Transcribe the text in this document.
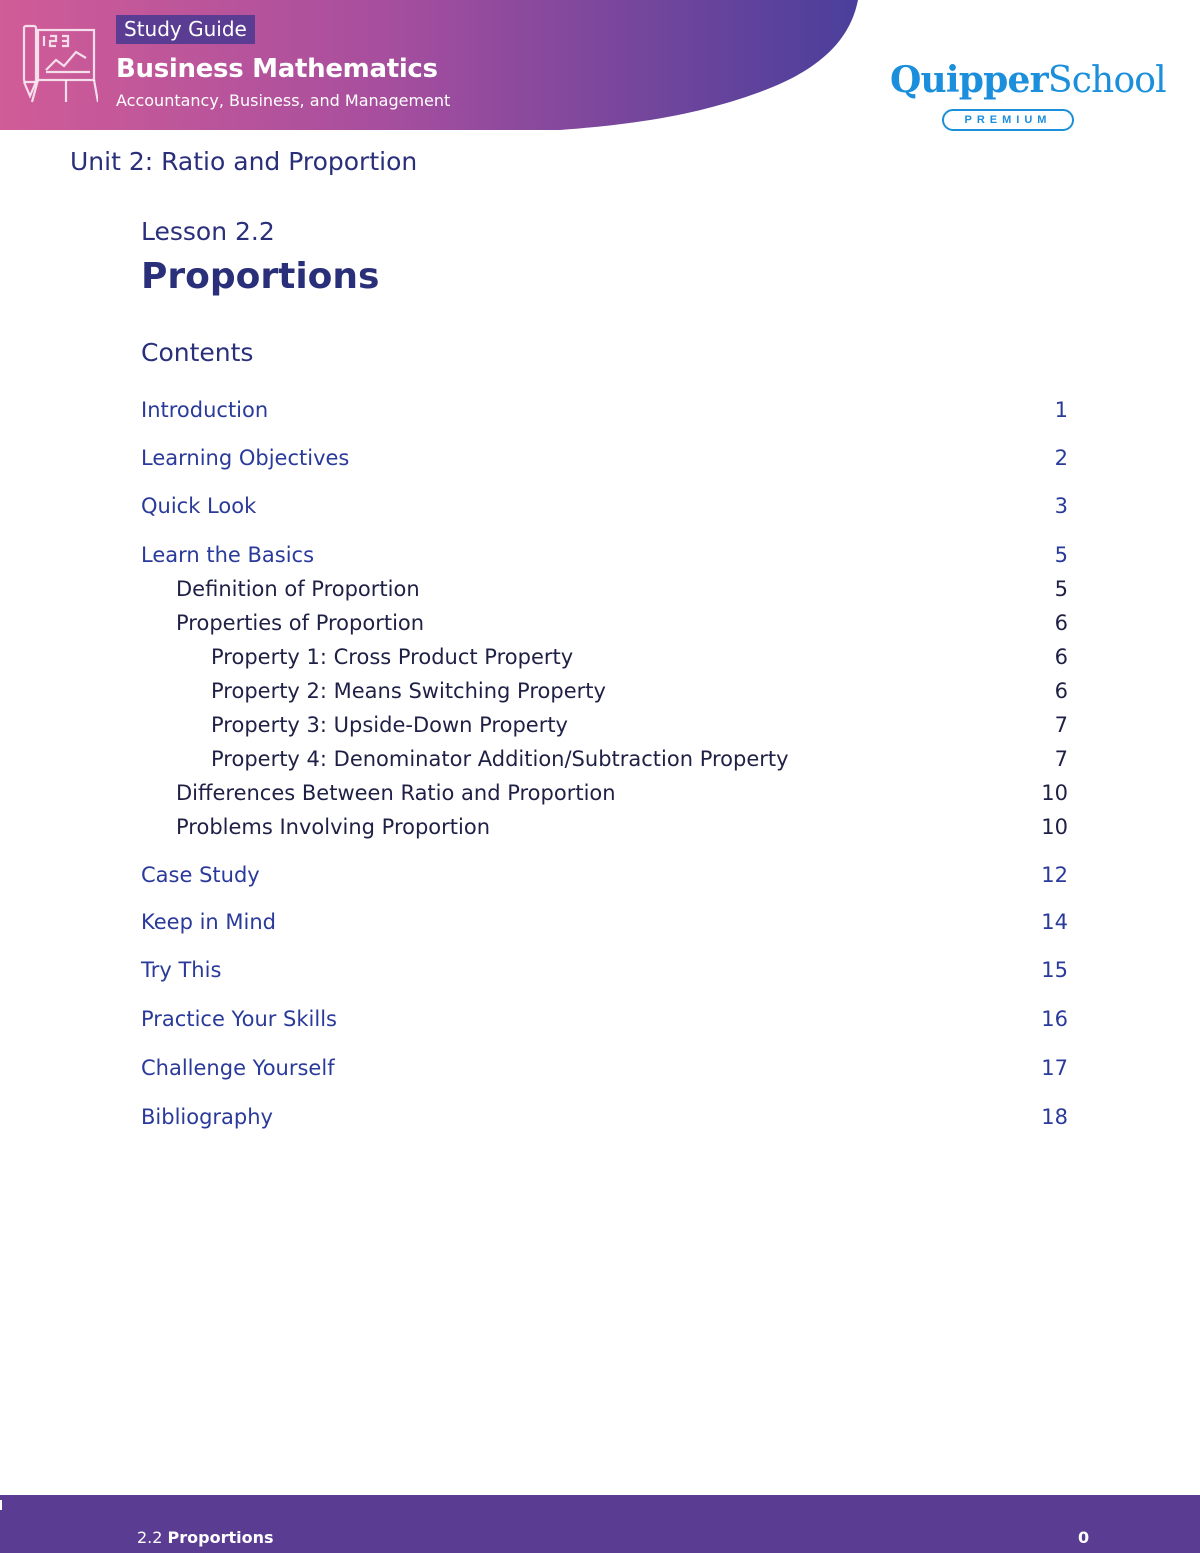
Study Guide
Business Mathematics
Accountancy, Business, and Management	QuipperSchool
PREMIUM
Unit 2: Ratio and Proportion
Lesson 2.2
Proportions
Contents
Introduction	1
Learning Objectives	2
Quick Look	3
Learn the Basics	5
Definition of Proportion	5
Properties of Proportion	6
Property 1: Cross Product Property	6
Property 2: Means Switching Property	6
Property 3: Upside-Down Property	7
Property 4: Denominator Addition/Subtraction Property	7
Differences Between Ratio and Proportion	10
Problems Involving Proportion	10
Case Study	12
Keep in Mind	14
Try This	15
Practice Your Skills	16
Challenge Yourself	17
Bibliography	18
2.2 Proportions	0
